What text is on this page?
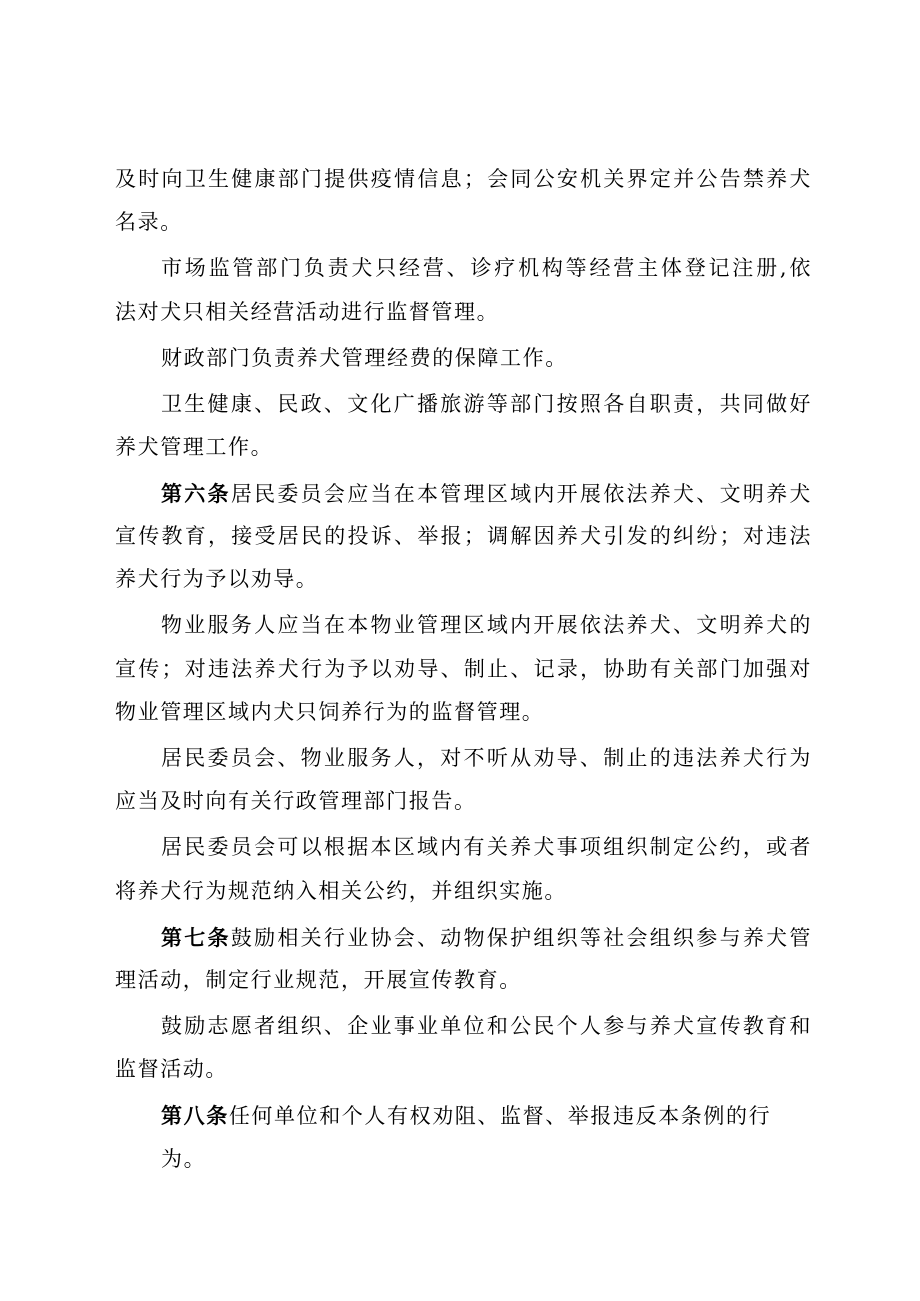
及时向卫生健康部门提供疫情信息；会同公安机关界定并公告禁养犬
名录。
市场监管部门负责犬只经营、诊疗机构等经营主体登记注册,依
法对犬只相关经营活动进行监督管理。
财政部门负责养犬管理经费的保障工作。
卫生健康、民政、文化广播旅游等部门按照各自职责，共同做好
养犬管理工作。
第六条居民委员会应当在本管理区域内开展依法养犬、文明养犬
宣传教育，接受居民的投诉、举报；调解因养犬引发的纠纷；对违法
养犬行为予以劝导。
物业服务人应当在本物业管理区域内开展依法养犬、文明养犬的
宣传；对违法养犬行为予以劝导、制止、记录，协助有关部门加强对
物业管理区域内犬只饲养行为的监督管理。
居民委员会、物业服务人，对不听从劝导、制止的违法养犬行为
应当及时向有关行政管理部门报告。
居民委员会可以根据本区域内有关养犬事项组织制定公约，或者
将养犬行为规范纳入相关公约，并组织实施。
第七条鼓励相关行业协会、动物保护组织等社会组织参与养犬管
理活动，制定行业规范，开展宣传教育。
鼓励志愿者组织、企业事业单位和公民个人参与养犬宣传教育和
监督活动。
第八条任何单位和个人有权劝阻、监督、举报违反本条例的行为。
